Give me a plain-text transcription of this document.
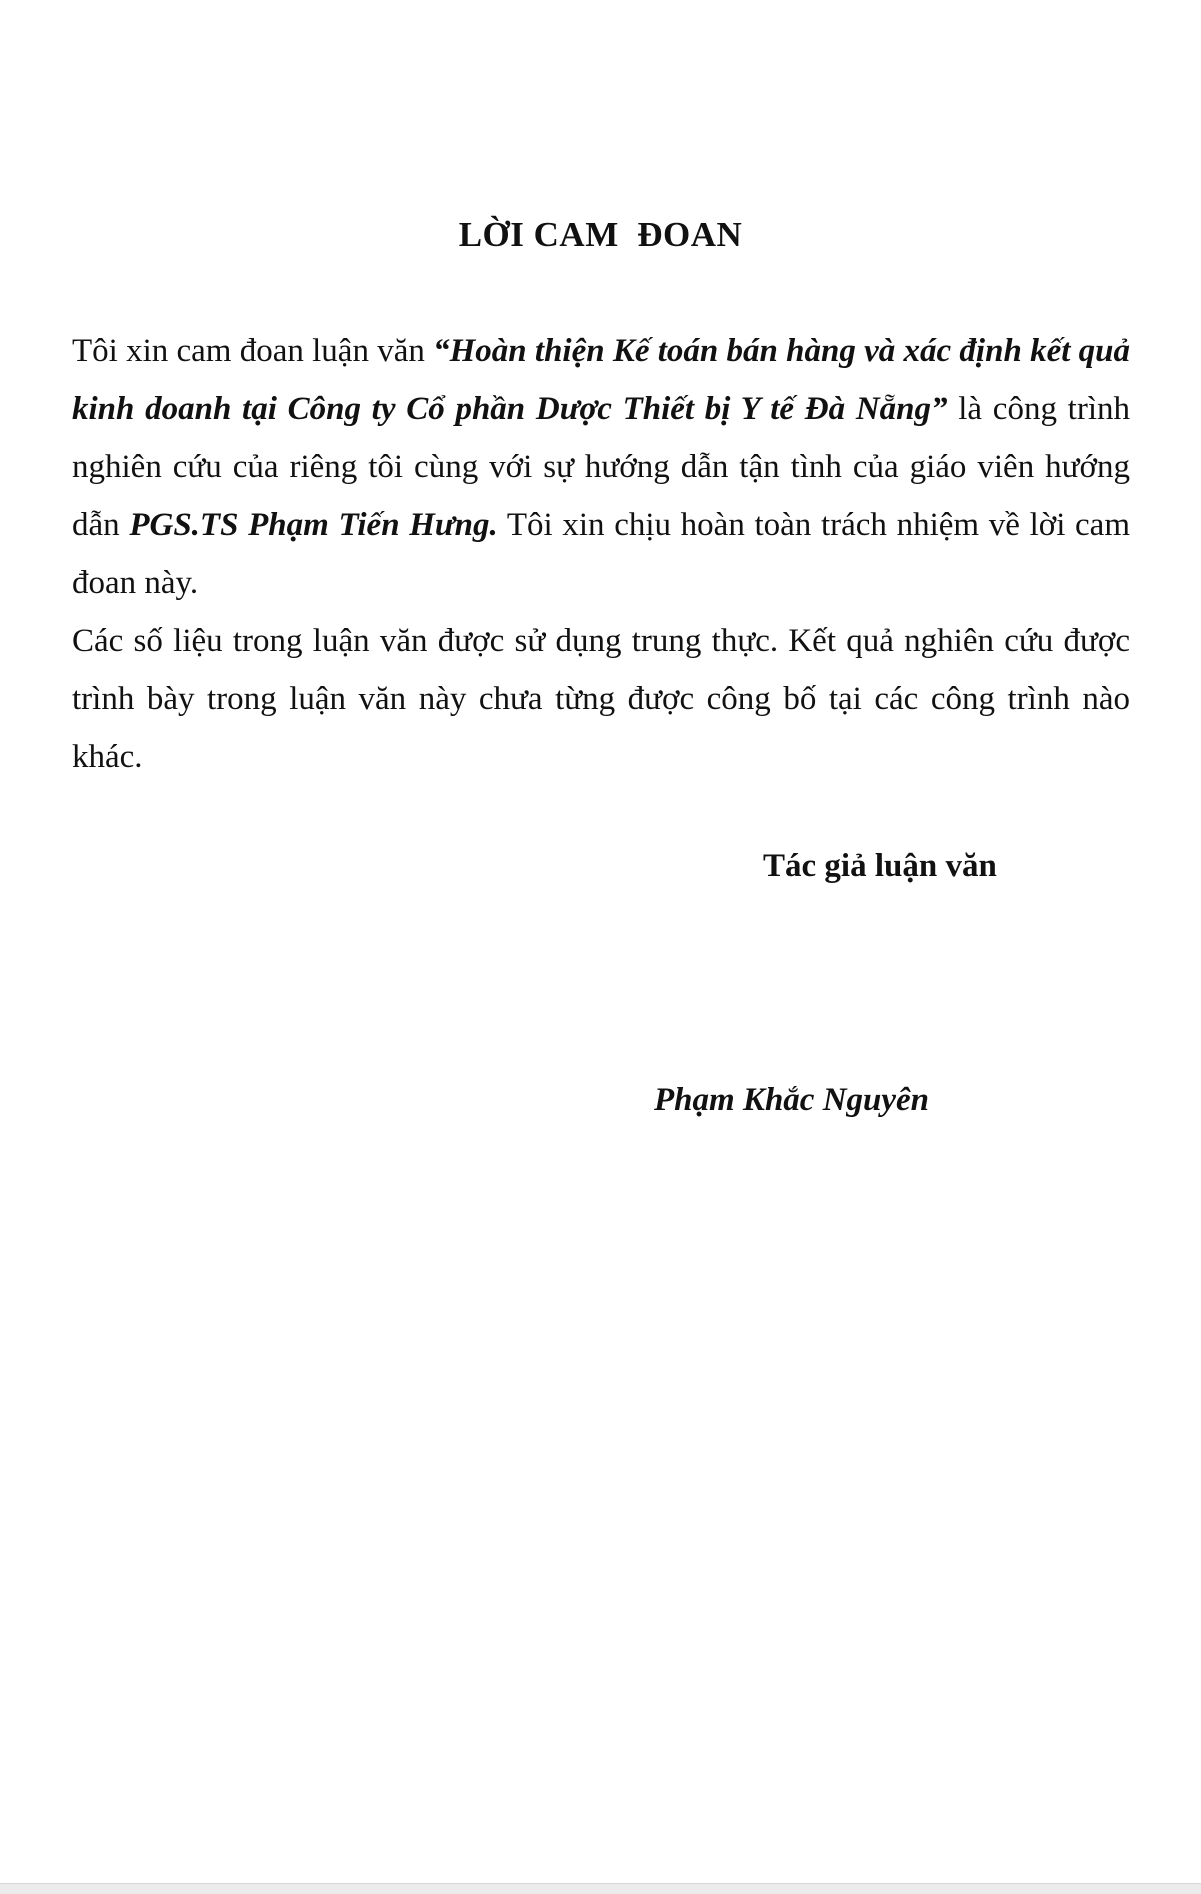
LỜI CAM  ĐOAN

Tôi xin cam đoan luận văn “Hoàn thiện Kế toán bán hàng và xác định kết quả kinh doanh tại Công ty Cổ phần Dược Thiết bị Y tế Đà Nẵng” là công trình nghiên cứu của riêng tôi cùng với sự hướng dẫn tận tình của giáo viên hướng dẫn PGS.TS Phạm Tiến Hưng. Tôi xin chịu hoàn toàn trách nhiệm về lời cam đoan này.

Các số liệu trong luận văn được sử dụng trung thực. Kết quả nghiên cứu được trình bày trong luận văn này chưa từng được công bố tại các công trình nào khác.

Tác giả luận văn
Phạm Khắc Nguyên
